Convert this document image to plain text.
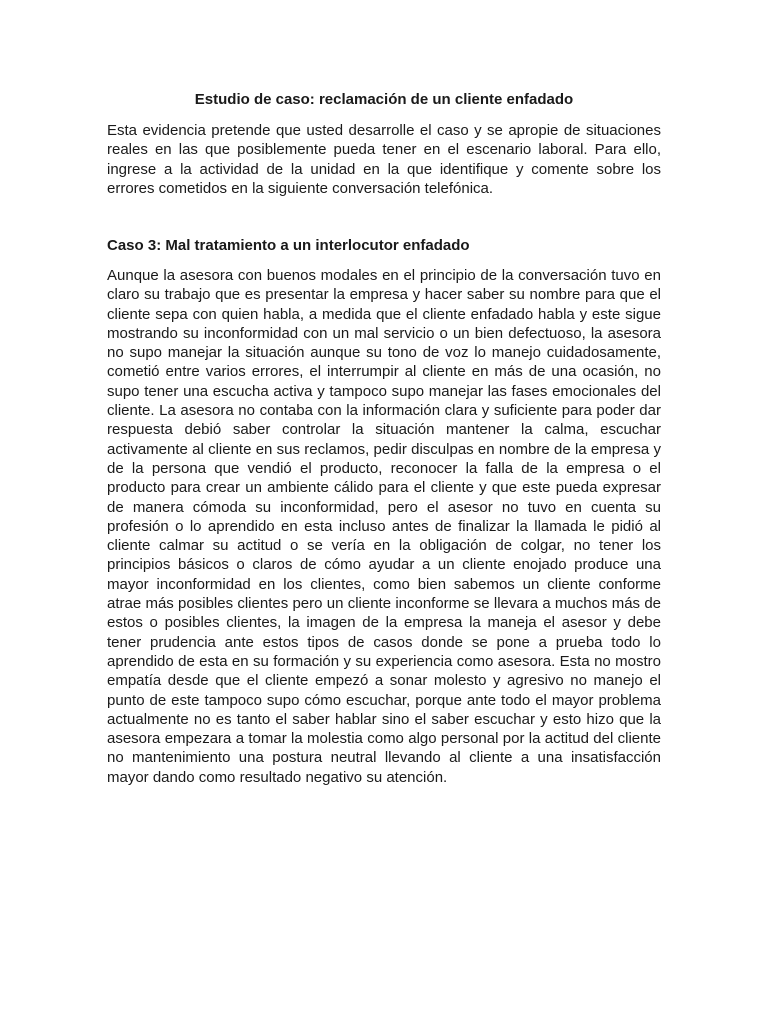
Estudio de caso: reclamación de un cliente enfadado

Esta evidencia pretende que usted desarrolle el caso y se apropie de situaciones reales en las que posiblemente pueda tener en el escenario laboral. Para ello, ingrese a la actividad de la unidad en la que identifique y comente sobre los errores cometidos en la siguiente conversación telefónica.

Caso 3: Mal tratamiento a un interlocutor enfadado

Aunque la asesora con buenos modales en el principio de la conversación tuvo en claro su trabajo que es presentar la empresa y hacer saber su nombre para que el cliente sepa con quien habla, a medida que el cliente enfadado habla y este sigue mostrando su inconformidad con un mal servicio o un bien defectuoso, la asesora no supo manejar la situación aunque su tono de voz lo manejo cuidadosamente, cometió entre varios errores, el interrumpir al cliente en más de una ocasión, no supo tener una escucha activa y tampoco supo manejar las fases emocionales del cliente. La asesora no contaba con la información clara y suficiente para poder dar respuesta debió saber controlar la situación mantener la calma, escuchar activamente al cliente en sus reclamos, pedir disculpas en nombre de la empresa y de la persona que vendió el producto, reconocer la falla de la empresa o el producto para crear un ambiente cálido para el cliente y que este pueda expresar de manera cómoda su inconformidad, pero el asesor no tuvo en cuenta su profesión o lo aprendido en esta incluso antes de finalizar la llamada le pidió al cliente calmar su actitud o se vería en la obligación de colgar, no tener los principios básicos o claros de cómo ayudar a un cliente enojado produce una mayor inconformidad en los clientes, como bien sabemos un cliente conforme atrae más posibles clientes pero un cliente inconforme se llevara a muchos más de estos o posibles clientes, la imagen de la empresa la maneja el asesor y debe tener prudencia ante estos tipos de casos donde se pone a prueba todo lo aprendido de esta en su formación y su experiencia como asesora. Esta no mostro empatía desde que el cliente empezó a sonar molesto y agresivo no manejo el punto de este tampoco supo cómo escuchar, porque ante todo el mayor problema actualmente no es tanto el saber hablar sino el saber escuchar y esto hizo que la asesora empezara a tomar la molestia como algo personal por la actitud del cliente no mantenimiento una postura neutral llevando al cliente a una insatisfacción mayor dando como resultado negativo su atención.
